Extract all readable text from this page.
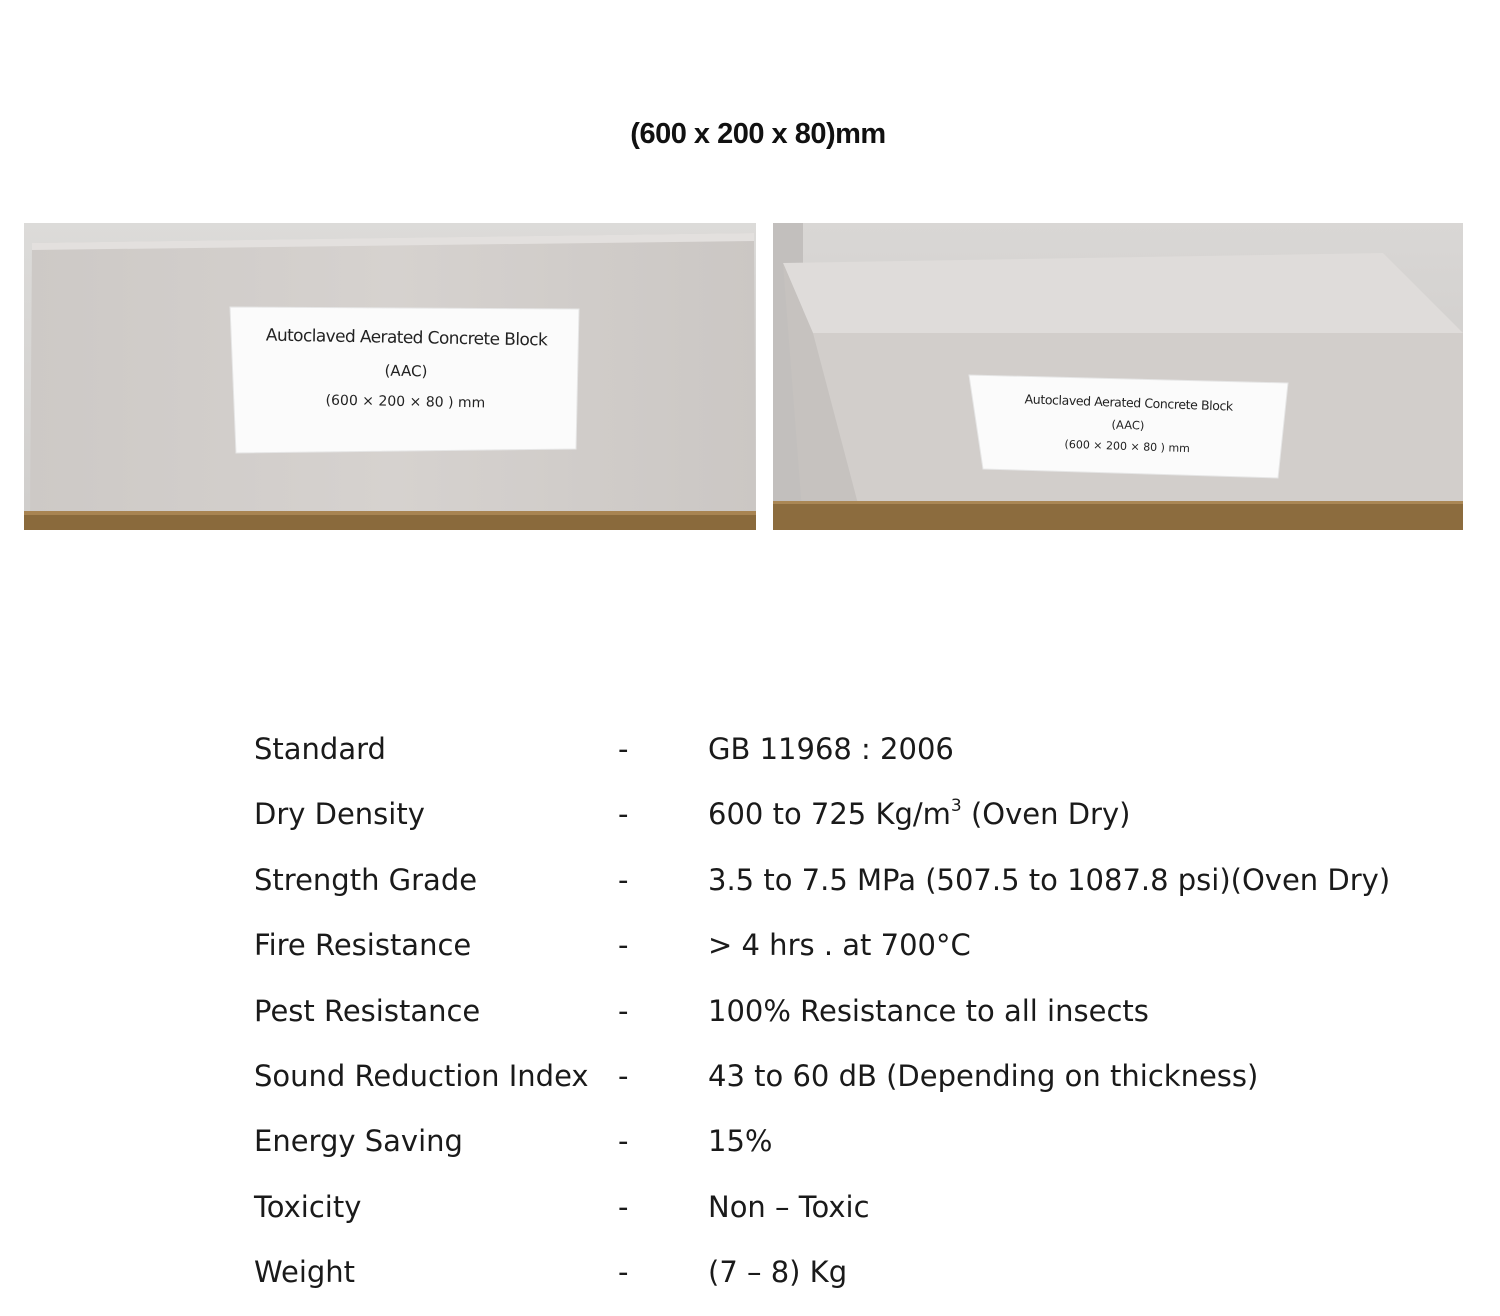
(600 x 200 x 80)mm
Autoclaved Aerated Concrete Block
(AAC)
(600 × 200 × 80 ) mm	Autoclaved Aerated Concrete Block
(AAC)
(600 × 200 × 80 ) mm
Standard	-	GB 11968 : 2006
Dry Density	-	600 to 725 $Kg/m^3$ (Oven Dry)
Strength Grade	-	3.5 to 7.5 MPa (507.5 to 1087.8 psi)(Oven Dry)
Fire Resistance	-	> 4 hrs . at 700°C
Pest Resistance	-	100% Resistance to all insects
Sound Reduction Index -	43 to 60 dB (Depending on thickness)
Energy Saving	-	15%
Toxicity	-	Non – Toxic
Weight	-	(7 – 8) Kg
